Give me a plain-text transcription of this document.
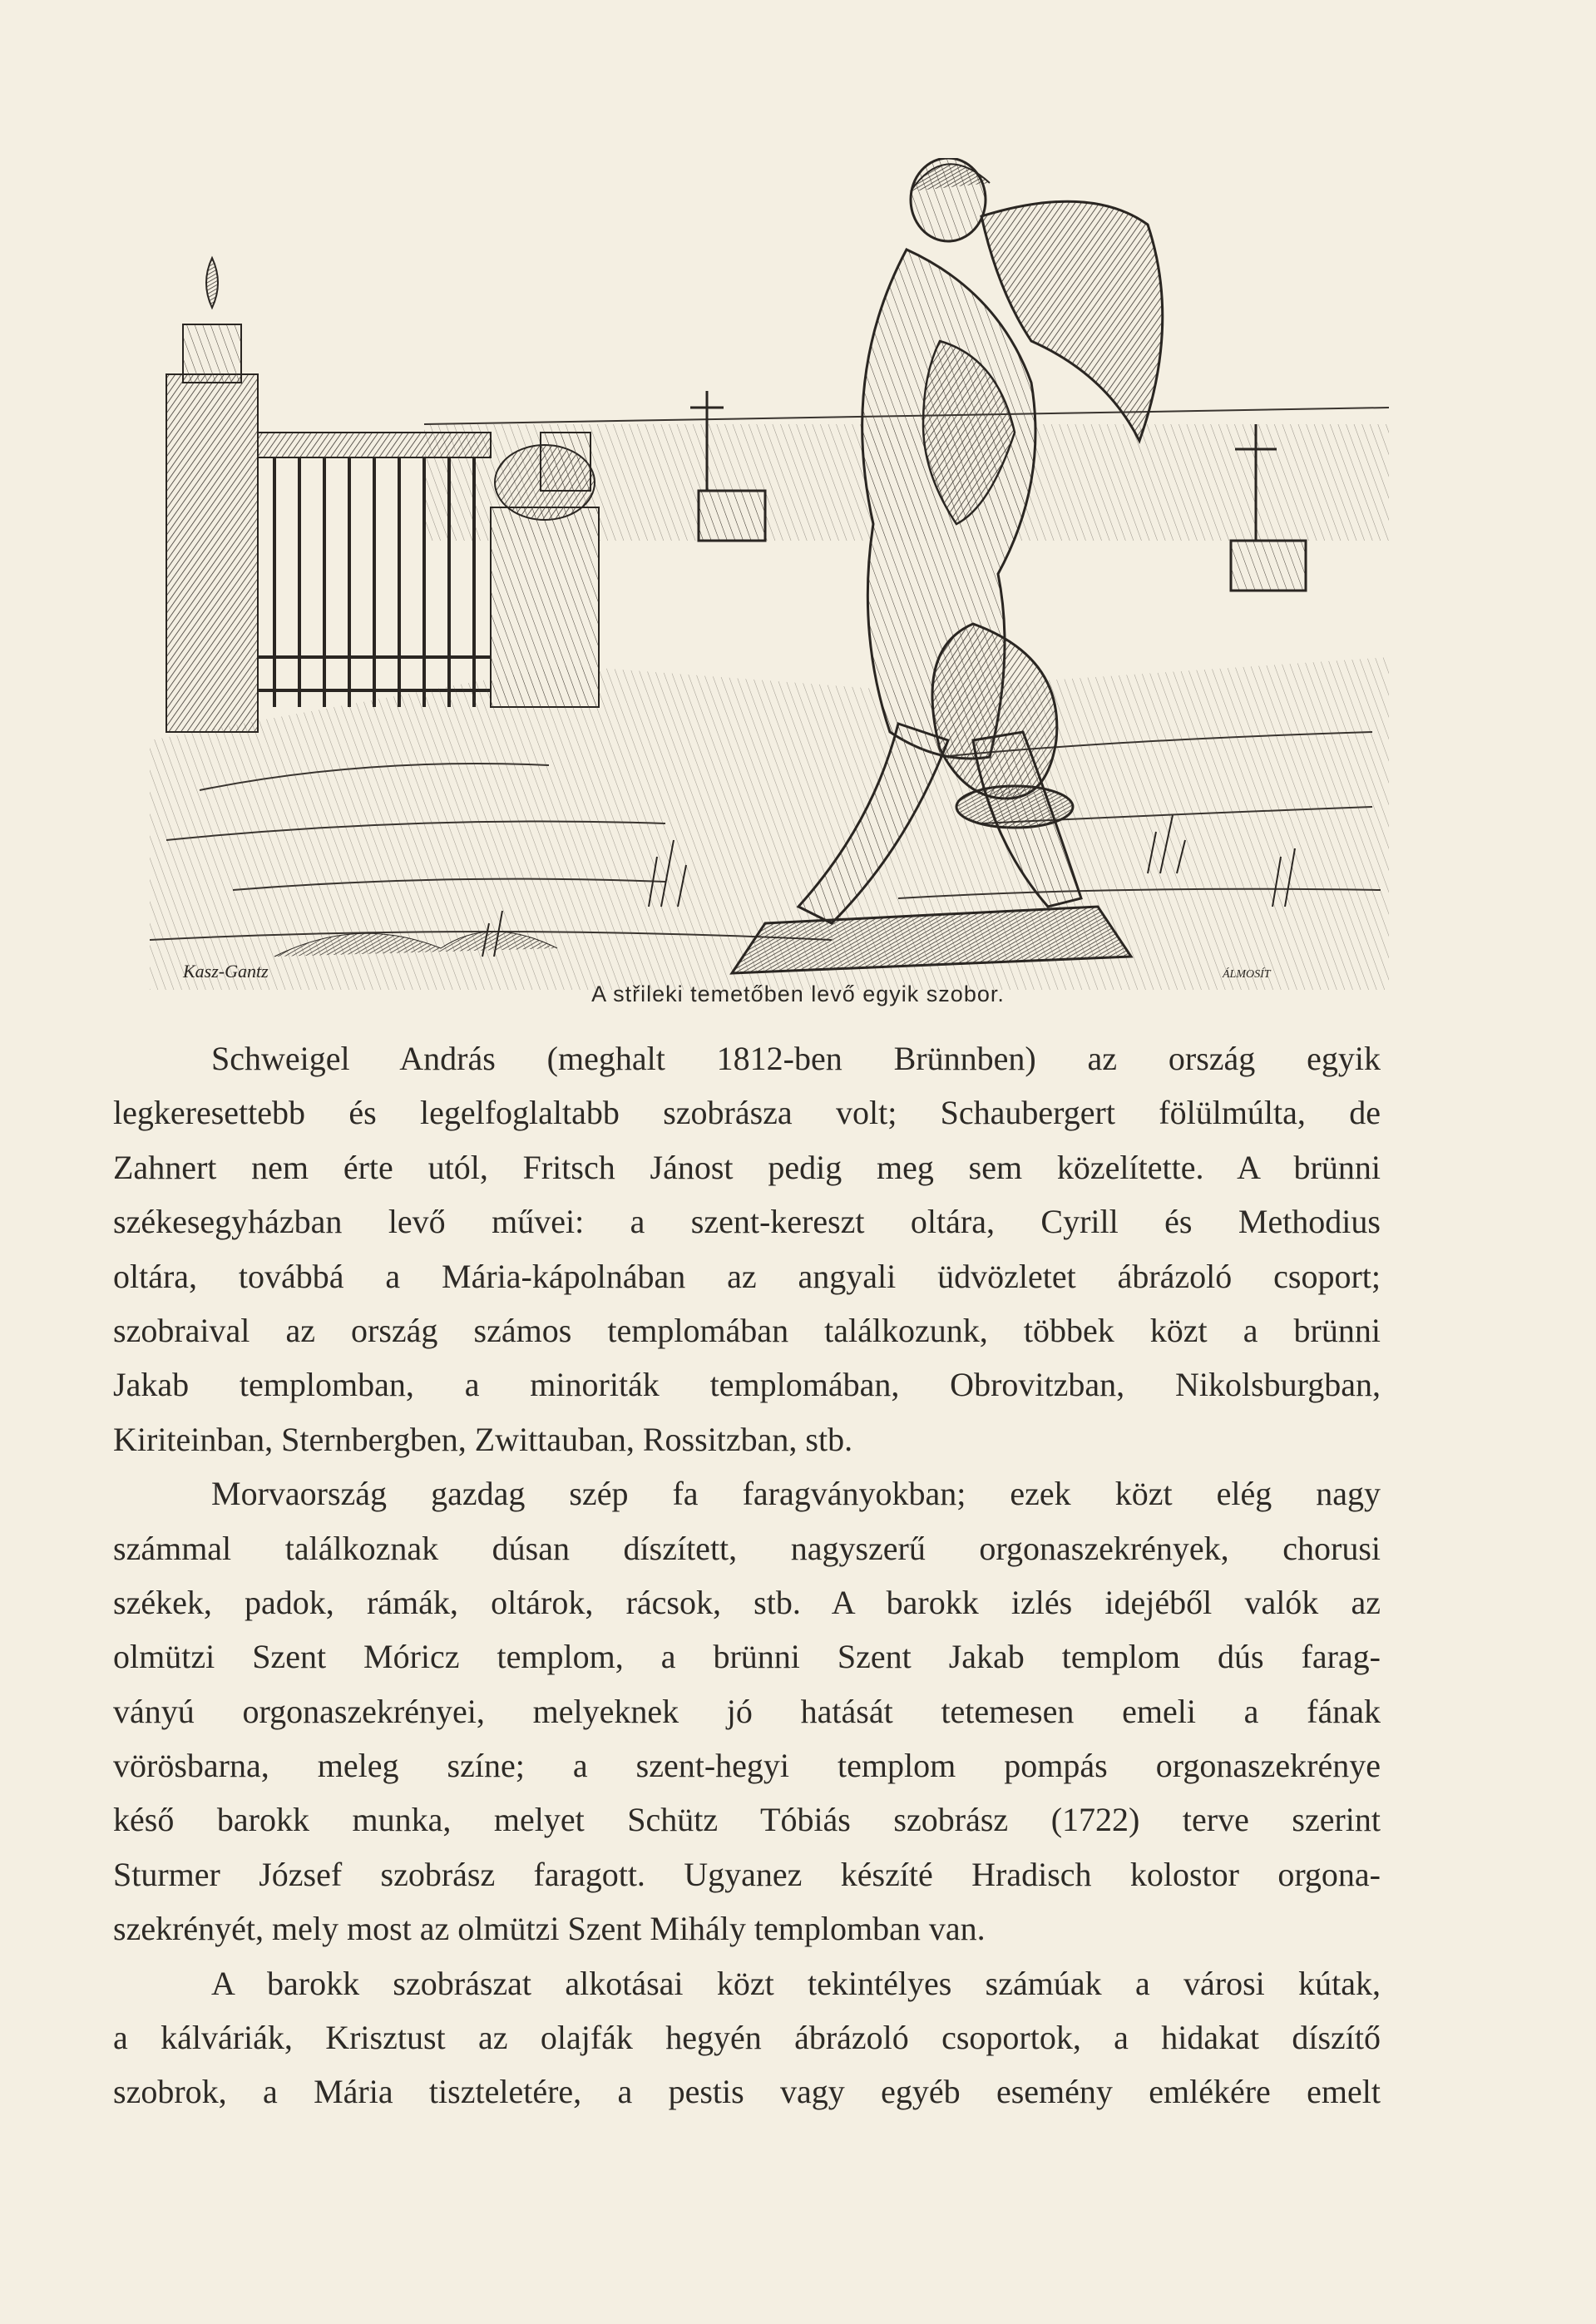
Kasz-Gantz	ÁLMOSÍT
A střileki temetőben levő egyik szobor.
Schweigel András (meghalt 1812-ben Brünnben) az ország egyik
legkeresettebb és legelfoglaltabb szobrásza volt; Schaubergert fölülmúlta, de
Zahnert nem érte utól, Fritsch Jánost pedig meg sem közelítette. A brünni
székesegyházban levő művei: a szent-kereszt oltára, Cyrill és Methodius
oltára, továbbá a Mária-kápolnában az angyali üdvözletet ábrázoló csoport;
szobraival az ország számos templomában találkozunk, többek közt a brünni
Jakab templomban, a minoriták templomában, Obrovitzban, Nikolsburgban,
Kiriteinban, Sternbergben, Zwittauban, Rossitzban, stb.
Morvaország gazdag szép fa faragványokban; ezek közt elég nagy
számmal találkoznak dúsan díszített, nagyszerű orgonaszekrények, chorusi
székek, padok, rámák, oltárok, rácsok, stb. A barokk izlés idejéből valók az
olmützi Szent Móricz templom, a brünni Szent Jakab templom dús farag-
ványú orgonaszekrényei, melyeknek jó hatását tetemesen emeli a fának
vörösbarna, meleg színe; a szent-hegyi templom pompás orgonaszekrénye
késő barokk munka, melyet Schütz Tóbiás szobrász (1722) terve szerint
Sturmer József szobrász faragott. Ugyanez készíté Hradisch kolostor orgona-
szekrényét, mely most az olmützi Szent Mihály templomban van.
A barokk szobrászat alkotásai közt tekintélyes számúak a városi kútak,
a kálváriák, Krisztust az olajfák hegyén ábrázoló csoportok, a hidakat díszítő
szobrok, a Mária tiszteletére, a pestis vagy egyéb esemény emlékére emelt
